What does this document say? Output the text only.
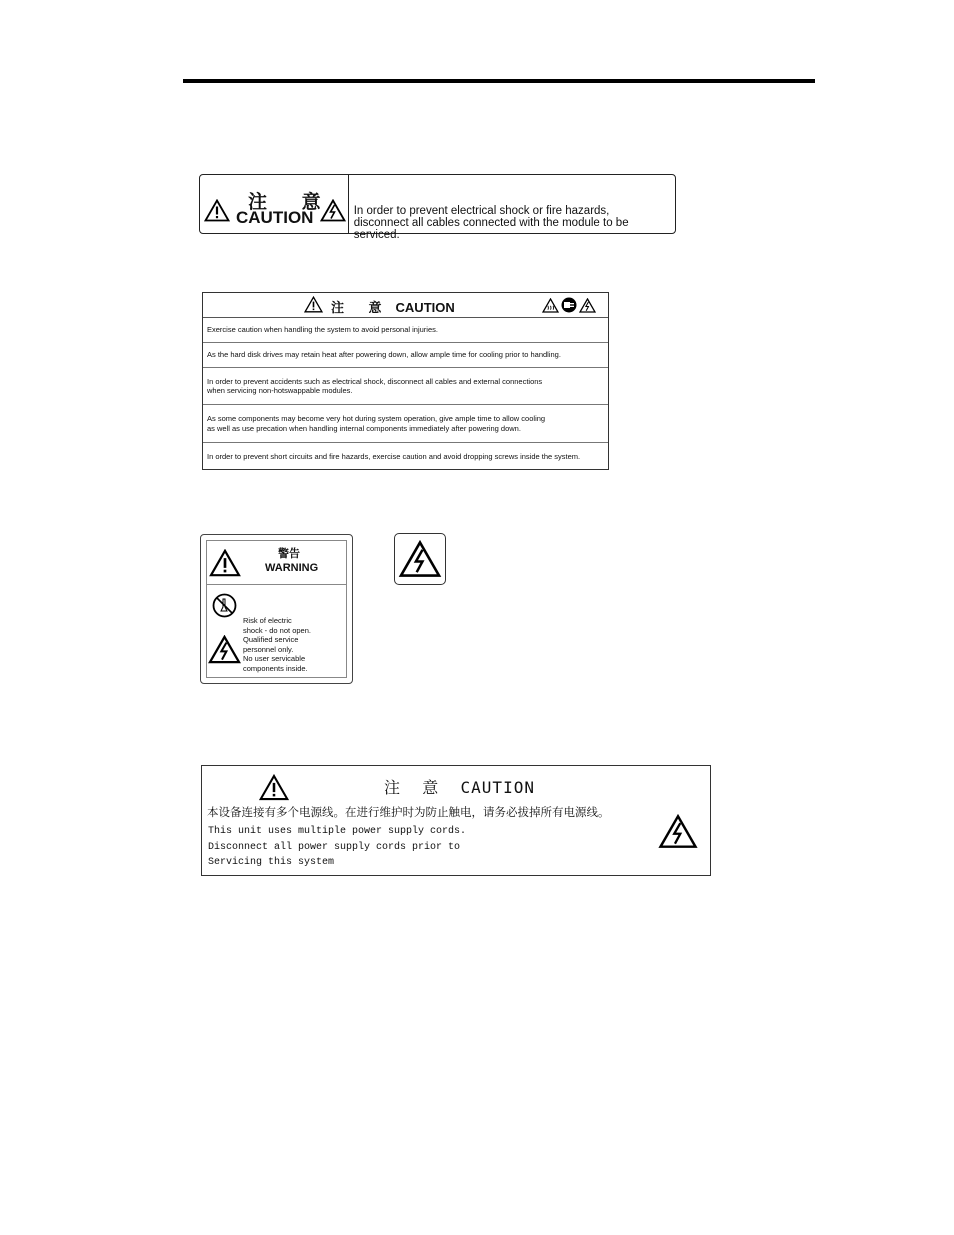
注 意
CAUTION	In order to prevent electrical shock or fire hazards,
disconnect all cables connected with the module to be serviced.
注 意 CAUTION
Exercise caution when handling the system to avoid personal injuries.
As the hard disk drives may retain heat after powering down, allow ample time for cooling prior to handling.
In order to prevent accidents such as electrical shock, disconnect all cables and external connections
when servicing non-hotswappable modules.
As some components may become very hot during system operation, give ample time to allow cooling
as well as use precation when handling internal components immediately after powering down.
In order to prevent short circuits and fire hazards, exercise caution and avoid dropping screws inside the system.
警告
WARNING
Risk of electric
shock - do not open.
Qualified service
personnel only.
No user servicable
components inside.
注  意  CAUTION
本设备连接有多个电源线。在进行维护时为防止触电，请务必拔掉所有电源线。
This unit uses multiple power supply cords.
Disconnect all power supply cords prior to
Servicing this system
